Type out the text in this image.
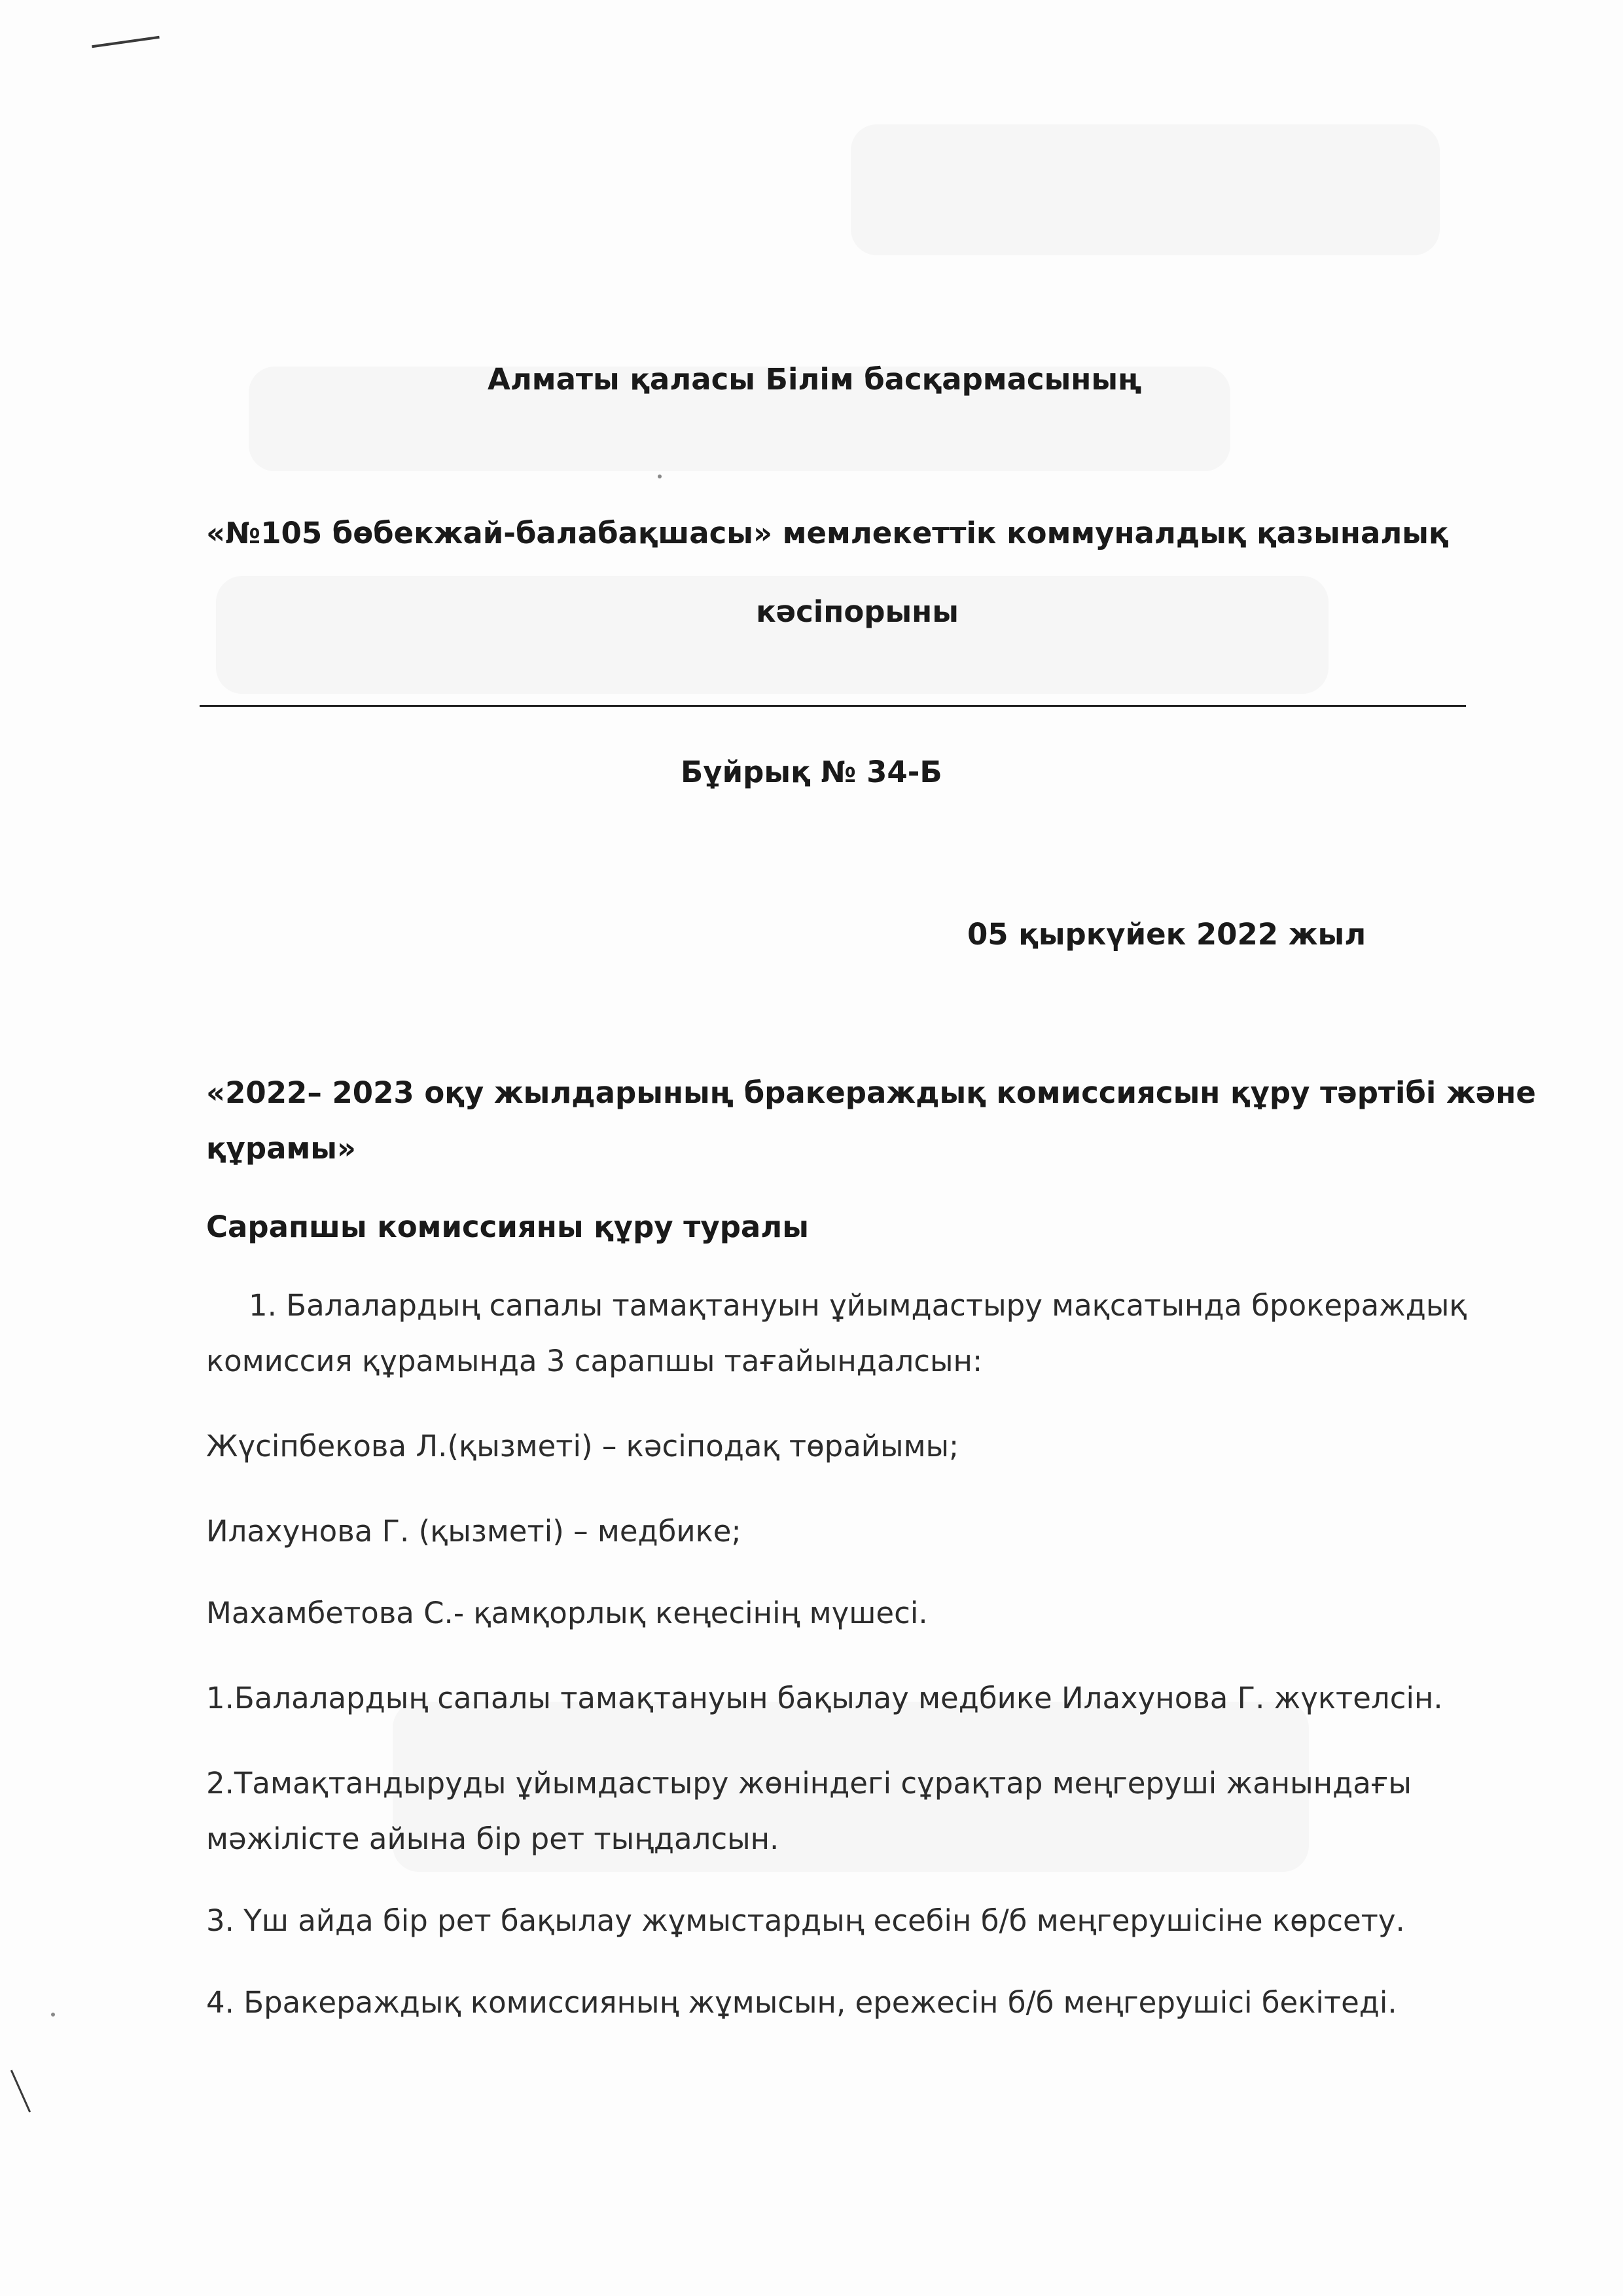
Алматы қаласы Білім басқармасының
«№105 бөбекжай-балабақшасы» мемлекеттік коммуналдық қазыналық
кәсіпорыны
Бұйрық № 34-Б
05 қыркүйек 2022 жыл
«2022– 2023 оқу жылдарының бракераждық комиссиясын құру тәртібі және
құрамы»
Сарапшы комиссияны құру туралы
1. Балалардың сапалы тамақтануын ұйымдастыру мақсатында брокераждық
комиссия құрамында 3 сарапшы тағайындалсын:
Жүсіпбекова Л.(қызметі) – кәсіподақ төрайымы;
Илахунова Г. (қызметі) – медбике;
Махамбетова С.- қамқорлық кеңесінің мүшесі.
1.Балалардың сапалы тамақтануын бақылау медбике Илахунова Г. жүктелсін.
2.Тамақтандыруды ұйымдастыру жөніндегі сұрақтар меңгеруші жанындағы
мәжілісте айына бір рет тыңдалсын.
3. Үш айда бір рет бақылау жұмыстардың есебін б/б меңгерушісіне көрсету.
4. Бракераждық комиссияның жұмысын, ережесін б/б меңгерушісі бекітеді.
